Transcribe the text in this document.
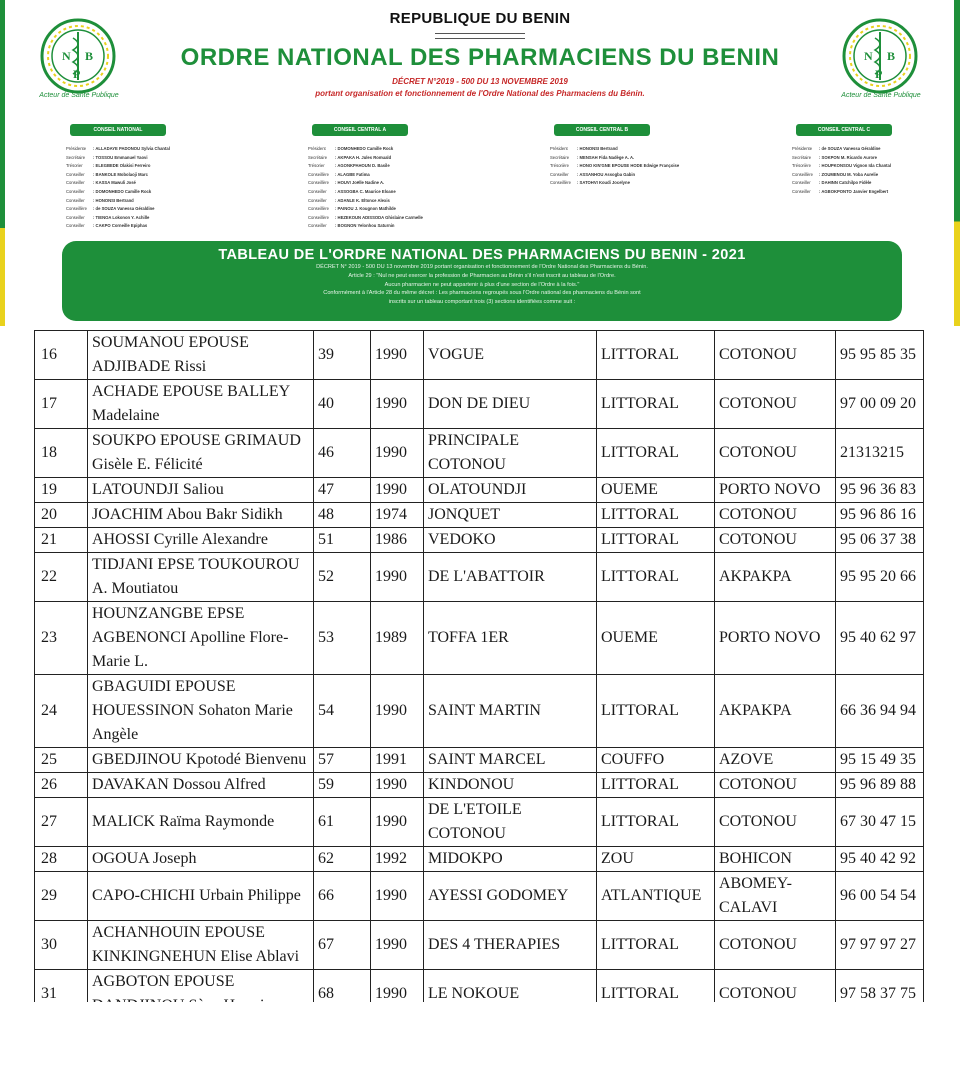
N B
P
Acteur de Santé Publique
N B
P
Acteur de Santé Publique
REPUBLIQUE DU BENIN
ORDRE NATIONAL DES PHARMACIENS DU BENIN
DÉCRET N°2019 - 500 DU 13 NOVEMBRE 2019
portant organisation et fonctionnement de l'Ordre National des Pharmaciens du Bénin.
CONSEIL NATIONAL
Présidente	: ALLADAYE PADONOU Sylvia Chantal
Secrétaire	: TOSSOU Emmanuel Yaovi
Trésorier	: ELEGBEDE Olakisi Ferreiro
Conseiller	: BANKOLE Mobolaoji Marc
Conseiller	: KASSA Mawuli José
Conseiller	: DOMONHEDO Camille Rock
Conseiller	: HONONSI Bertrand
Conseillère	: de SOUZA Vanessa Géraldine
Conseiller	: TIENOA Lokonon Y. Achille
Conseiller	: CAKPO Corneille Epiphas
CONSEIL CENTRAL A
Président	: DOMONHEDO Camille Rock
Secrétaire	: AKPAKA H. Jules Romuald
Trésorier	: AGONKPAHOUN D. Basile
Conseillère	: ALAGBE Fatima
Conseillère	: HOUVI Joëlle Nadine A.
Conseiller	: ASSOGBA C. Maurice Eloane
Conseiller	: ADANLE K. Eltonce Alexis
Conseillère	: PAINOU J. Kougnon Mathilde
Conseillère	: HEZEKOUN ADISSODA Ghislaine Carmelle
Conseiller	: BOGNON Yelonhou Saturnin
CONSEIL CENTRAL B
Président	: HONONSI Bertrand
Secrétaire	: MENSAH Fida Nadège A. A.
Trésorière	: HONO KIN'GNE EPOUSE HODE Edwige Françoise
Conseiller	: ASSANHOU Assogba Gabin
Conseillère	: SATOHVI Koudi Jocelyne
CONSEIL CENTRAL C
Présidente	: de SOUZA Vanessa Géraldine
Secrétaire	: SOKPON M. Ricardo Aurore
Trésorière	: HOUPKONSOU Vignon Ida Chantal
Conseillère	: ZOUMENOU M. Yoba Aurelie
Conseiller	: DAHINN Catchilpo Fidèle
Conseiller	: AGBOKPONTO Janvier Engelbert
TABLEAU DE L'ORDRE NATIONAL DES PHARMACIENS DU BENIN - 2021
DÉCRET N° 2019 - 500 DU 13 novembre 2019 portant organisation et fonctionnement de l'Ordre National des Pharmaciens du Bénin.
Article 29 : "Nul ne peut exercer la profession de Pharmacien au Bénin s'il n'est inscrit au tableau de l'Ordre.
Aucun pharmacien ne peut appartenir à plus d'une section de l'Ordre à la fois."
Conformément à l'Article 28 du même décret : Les pharmaciens regroupés sous l'Ordre national des pharmaciens du Bénin sont
inscrits sur un tableau comportant trois (3) sections identifiées comme suit :
16	SOUMANOU EPOUSE ADJIBADE Rissi	39	1990	VOGUE	LITTORAL	COTONOU	95 95 85 35
17	ACHADE EPOUSE BALLEY Madelaine	40	1990	DON DE DIEU	LITTORAL	COTONOU	97 00 09 20
18	SOUKPO EPOUSE GRIMAUD Gisèle E. Félicité	46	1990	PRINCIPALE COTONOU	LITTORAL	COTONOU	21313215
19	LATOUNDJI Saliou	47	1990	OLATOUNDJI	OUEME	PORTO NOVO	95 96 36 83
20	JOACHIM Abou Bakr Sidikh	48	1974	JONQUET	LITTORAL	COTONOU	95 96 86 16
21	AHOSSI Cyrille Alexandre	51	1986	VEDOKO	LITTORAL	COTONOU	95 06 37 38
22	TIDJANI EPSE TOUKOUROU A. Moutiatou	52	1990	DE L'ABATTOIR	LITTORAL	AKPAKPA	95 95 20 66
23	HOUNZANGBE EPSE AGBENONCI Apolline Flore-Marie L.	53	1989	TOFFA 1ER	OUEME	PORTO NOVO	95 40 62 97
24	GBAGUIDI EPOUSE HOUESSINON Sohaton Marie Angèle	54	1990	SAINT MARTIN	LITTORAL	AKPAKPA	66 36 94 94
25	GBEDJINOU Kpotodé Bienvenu	57	1991	SAINT MARCEL	COUFFO	AZOVE	95 15 49 35
26	DAVAKAN Dossou Alfred	59	1990	KINDONOU	LITTORAL	COTONOU	95 96 89 88
27	MALICK Raïma Raymonde	61	1990	DE L'ETOILE COTONOU	LITTORAL	COTONOU	67 30 47 15
28	OGOUA Joseph	62	1992	MIDOKPO	ZOU	BOHICON	95 40 42 92
29	CAPO-CHICHI Urbain Philippe	66	1990	AYESSI GODOMEY	ATLANTIQUE	ABOMEY-CALAVI	96 00 54 54
30	ACHANHOUIN EPOUSE KINKINGNEHUN Elise Ablavi	67	1990	DES 4 THERAPIES	LITTORAL	COTONOU	97 97 97 27
31	AGBOTON EPOUSE	68	1990	LE NOKOUE	LITTORAL	COTONOU	97 58 37 75
